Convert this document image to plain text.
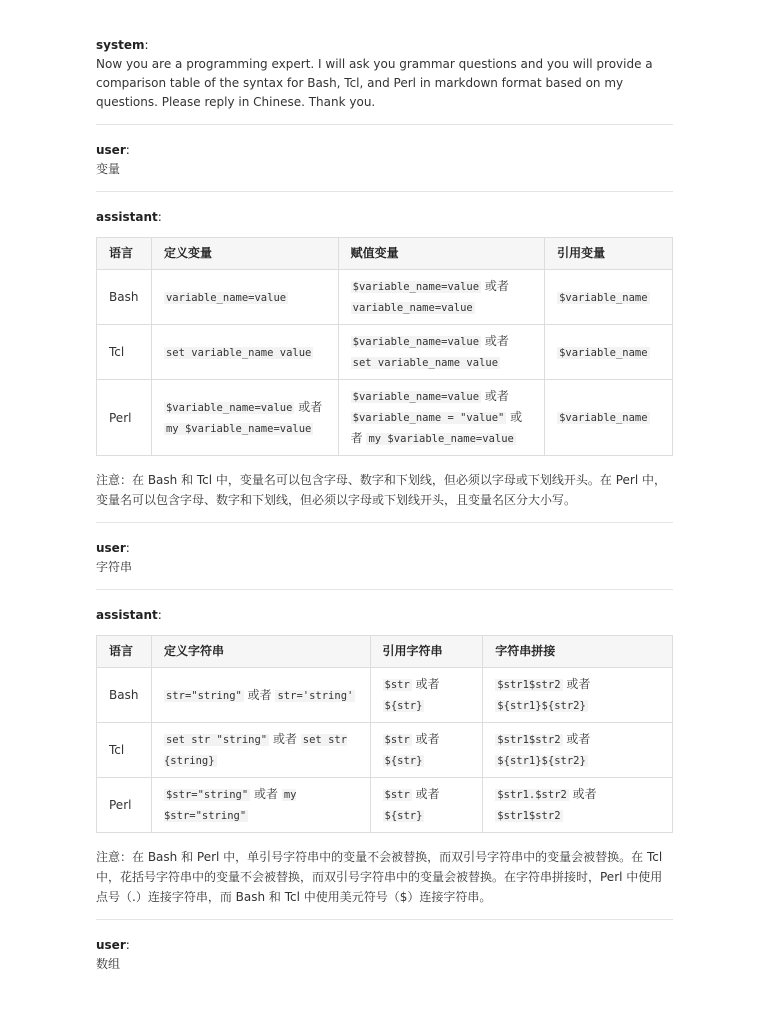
system:
Now you are a programming expert. I will ask you grammar questions and you will provide a comparison table of the syntax for Bash, Tcl, and Perl in markdown format based on my questions. Please reply in Chinese. Thank you.
user:
变量
assistant:
语言	定义变量	赋值变量	引用变量
Bash	variable_name=value	$variable_name=value 或者 variable_name=value	$variable_name
Tcl	set variable_name value	$variable_name=value 或者 set variable_name value	$variable_name
Perl	$variable_name=value 或者 my $variable_name=value	$variable_name=value 或者 $variable_name = "value" 或者 my $variable_name=value	$variable_name
注意：在 Bash 和 Tcl 中，变量名可以包含字母、数字和下划线，但必须以字母或下划线开头。在 Perl 中，变量名可以包含字母、数字和下划线，但必须以字母或下划线开头，且变量名区分大小写。
user:
字符串
assistant:
语言	定义字符串	引用字符串	字符串拼接
Bash	str="string" 或者 str='string'	$str 或者 ${str}	$str1$str2 或者 ${str1}${str2}
Tcl	set str "string" 或者 set str {string}	$str 或者 ${str}	$str1$str2 或者 ${str1}${str2}
Perl	$str="string" 或者 my $str="string"	$str 或者 ${str}	$str1.$str2 或者 $str1$str2
注意：在 Bash 和 Perl 中，单引号字符串中的变量不会被替换，而双引号字符串中的变量会被替换。在 Tcl 中，花括号字符串中的变量不会被替换，而双引号字符串中的变量会被替换。在字符串拼接时，Perl 中使用点号（.）连接字符串，而 Bash 和 Tcl 中使用美元符号（$）连接字符串。
user:
数组
